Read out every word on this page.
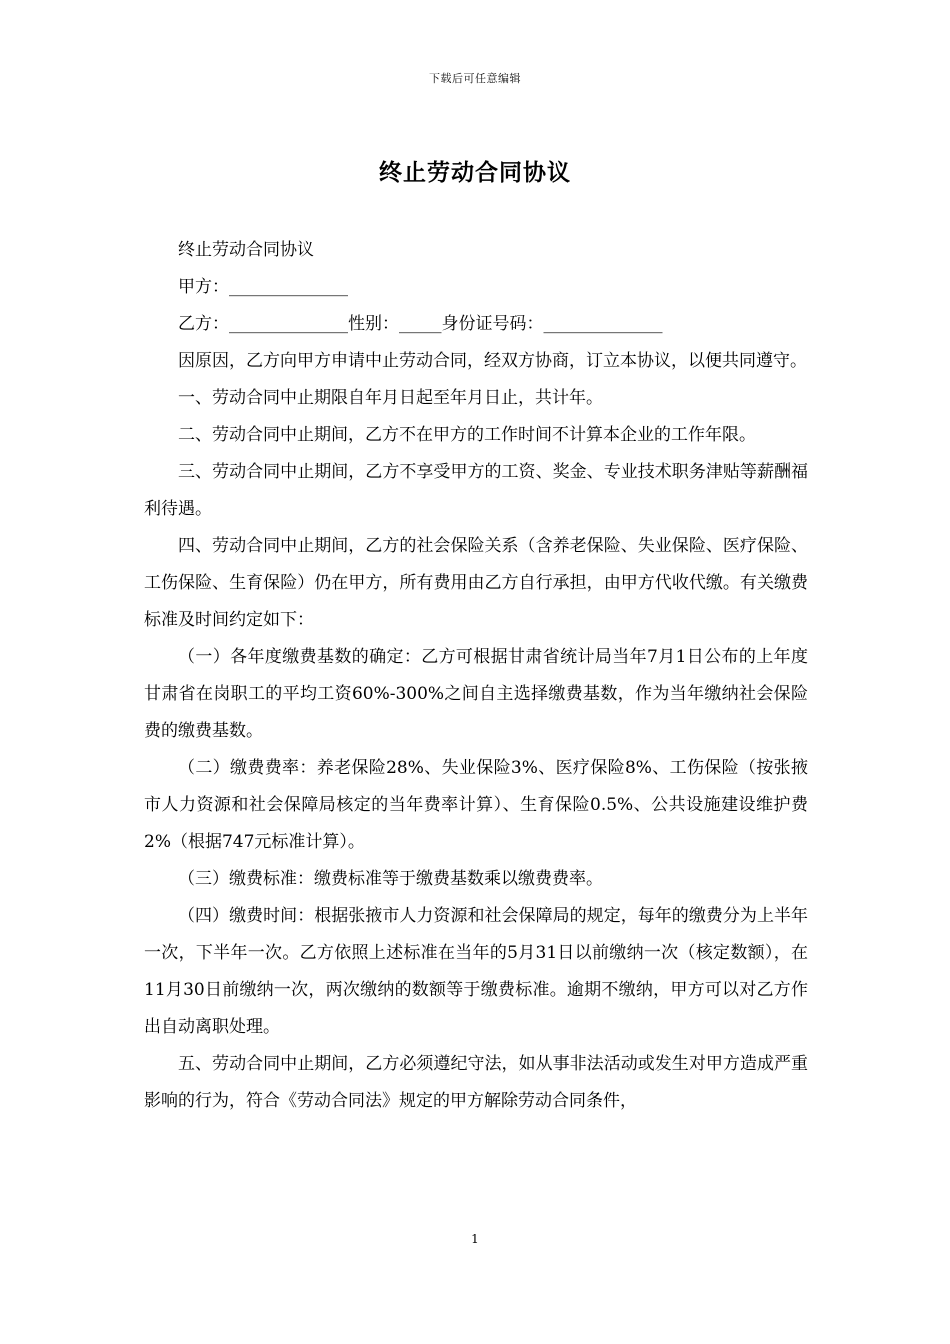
下载后可任意编辑
终止劳动合同协议

终止劳动合同协议

甲方：______________

乙方：______________性别：_____身份证号码：______________

因原因，乙方向甲方申请中止劳动合同，经双方协商，订立本协议，以便共同遵守。

一、劳动合同中止期限自年月日起至年月日止，共计年。

二、劳动合同中止期间，乙方不在甲方的工作时间不计算本企业的工作年限。

三、劳动合同中止期间，乙方不享受甲方的工资、奖金、专业技术职务津贴等薪酬福利待遇。

四、劳动合同中止期间，乙方的社会保险关系（含养老保险、失业保险、医疗保险、工伤保险、生育保险）仍在甲方，所有费用由乙方自行承担，由甲方代收代缴。有关缴费标准及时间约定如下：

（一）各年度缴费基数的确定：乙方可根据甘肃省统计局当年7月1日公布的上年度甘肃省在岗职工的平均工资60%-300%之间自主选择缴费基数，作为当年缴纳社会保险费的缴费基数。

（二）缴费费率：养老保险28%、失业保险3%、医疗保险8%、工伤保险（按张掖市人力资源和社会保障局核定的当年费率计算）、生育保险0.5%、公共设施建设维护费2%（根据747元标准计算）。

（三）缴费标准：缴费标准等于缴费基数乘以缴费费率。

（四）缴费时间：根据张掖市人力资源和社会保障局的规定，每年的缴费分为上半年一次，下半年一次。乙方依照上述标准在当年的5月31日以前缴纳一次（核定数额），在11月30日前缴纳一次，两次缴纳的数额等于缴费标准。逾期不缴纳，甲方可以对乙方作出自动离职处理。

五、劳动合同中止期间，乙方必须遵纪守法，如从事非法活动或发生对甲方造成严重影响的行为，符合《劳动合同法》规定的甲方解除劳动合同条件，

1
